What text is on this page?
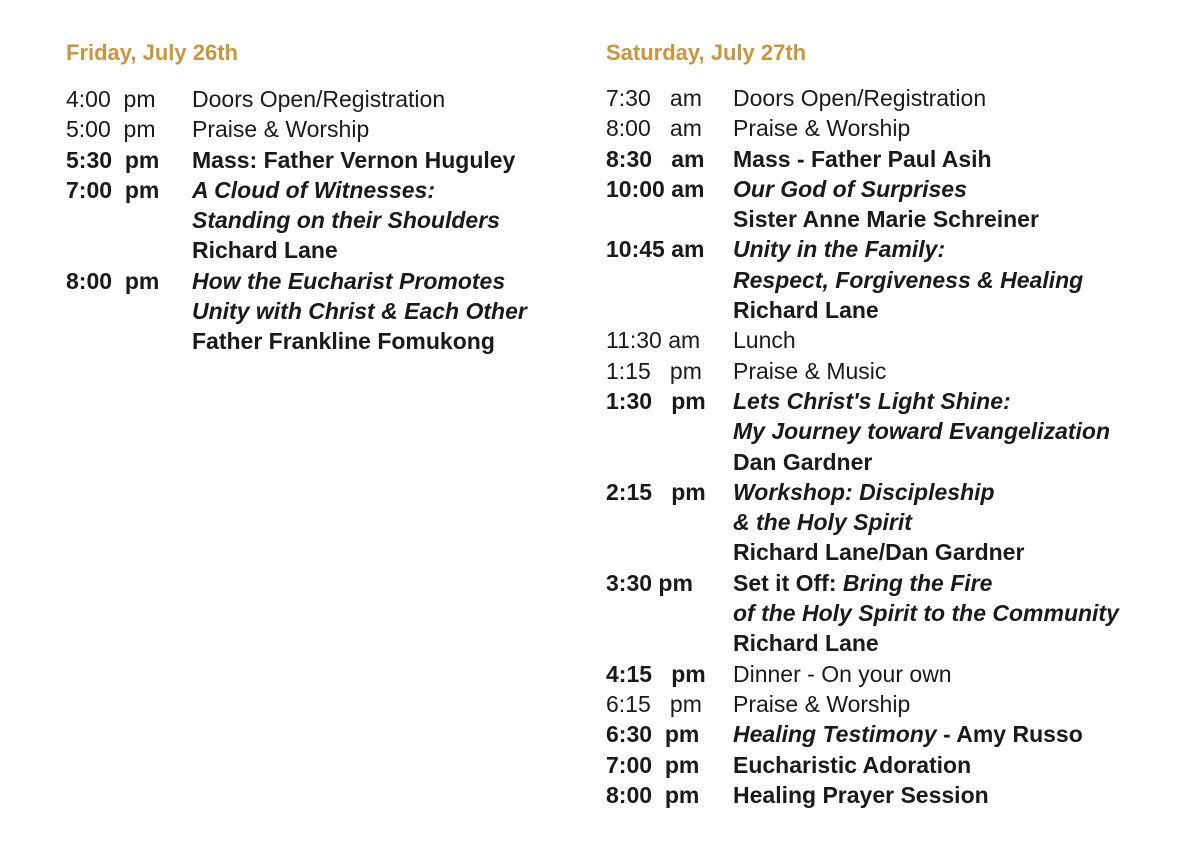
Friday, July 26th
4:00  pm	Doors Open/Registration
5:00  pm	Praise & Worship
5:30  pm	Mass: Father Vernon Huguley
7:00  pm	A Cloud of Witnesses:
Standing on their Shoulders
Richard Lane
8:00  pm	How the Eucharist Promotes
Unity with Christ & Each Other
Father Frankline Fomukong
Saturday, July 27th
7:30   am	Doors Open/Registration
8:00   am	Praise & Worship
8:30   am	Mass - Father Paul Asih
10:00 am	Our God of Surprises
Sister Anne Marie Schreiner
10:45 am	Unity in the Family:
Respect, Forgiveness & Healing
Richard Lane
11:30 am	Lunch
1:15   pm	Praise & Music
1:30   pm	Lets Christ's Light Shine:
My Journey toward Evangelization
Dan Gardner
2:15   pm	Workshop: Discipleship
& the Holy Spirit
Richard Lane/Dan Gardner
3:30 pm	Set it Off: Bring the Fire
of the Holy Spirit to the Community
Richard Lane
4:15   pm	Dinner - On your own
6:15   pm	Praise & Worship
6:30  pm	Healing Testimony - Amy Russo
7:00  pm	Eucharistic Adoration
8:00  pm	Healing Prayer Session
